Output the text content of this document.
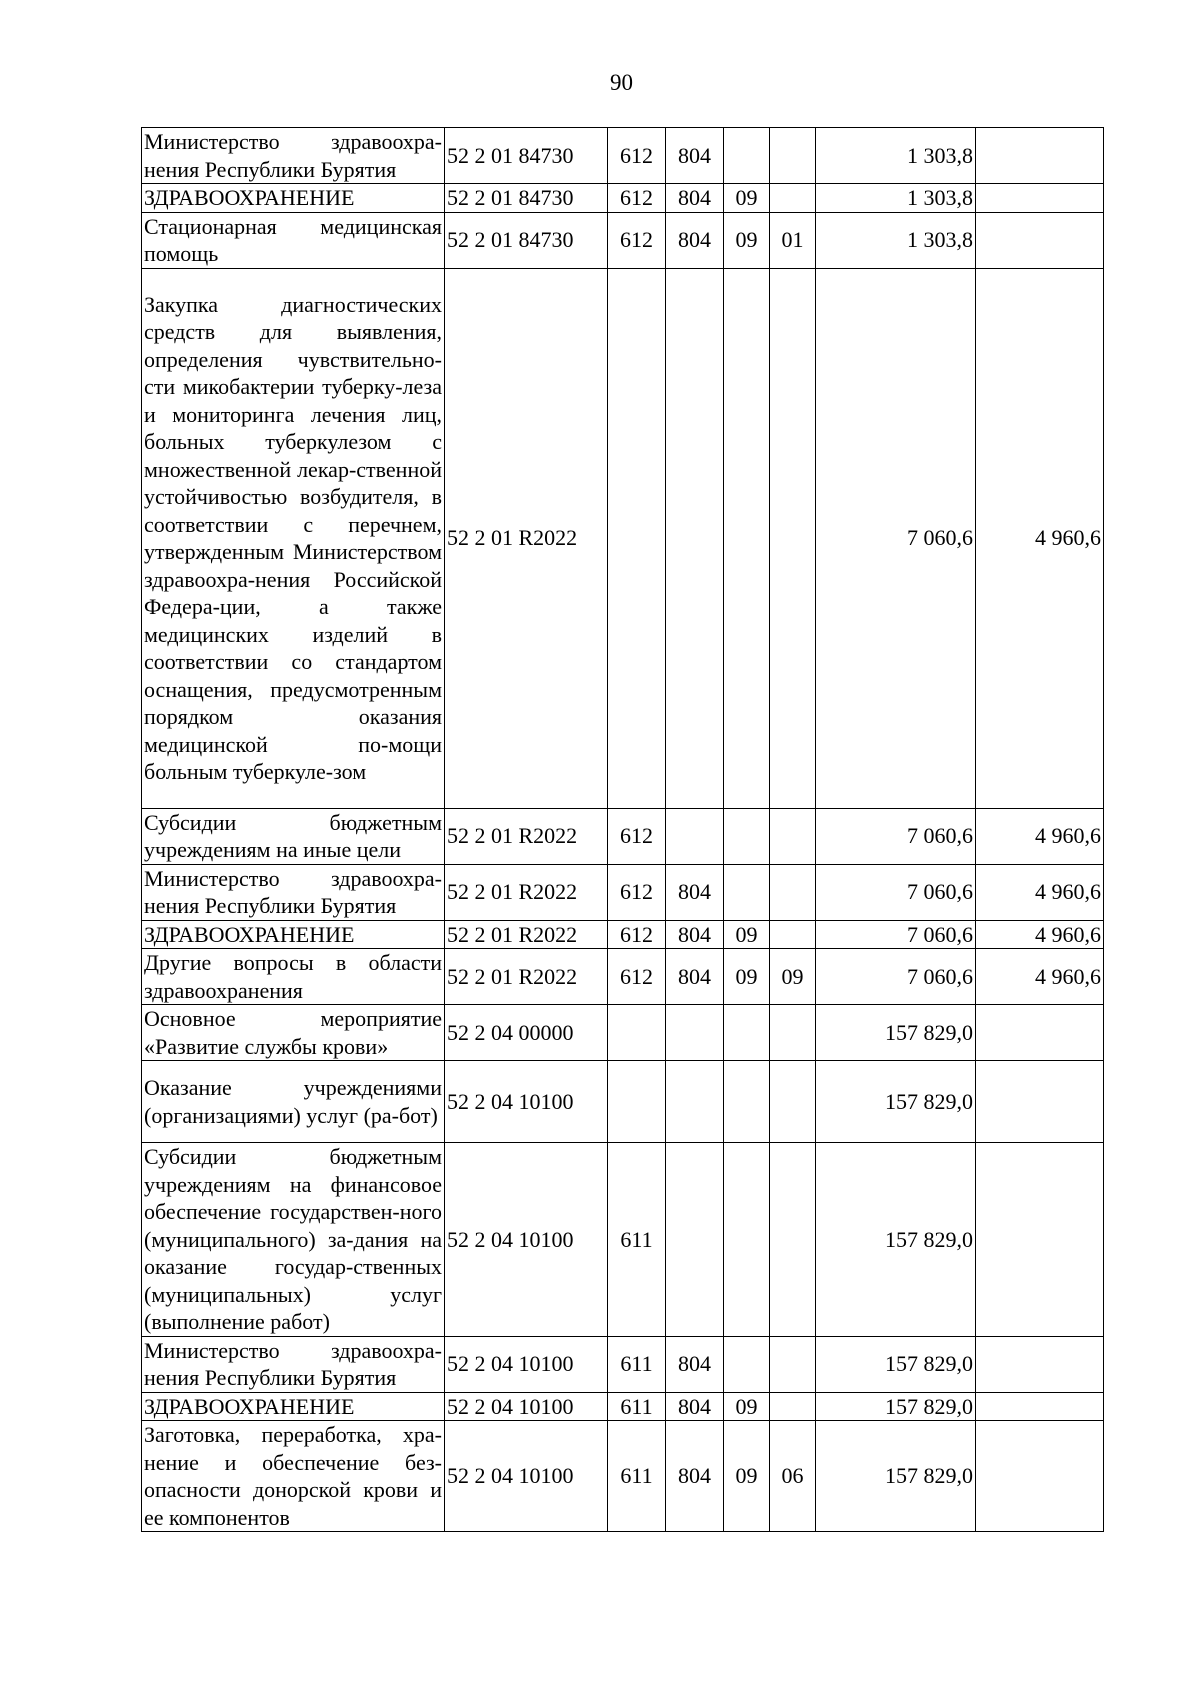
90
Министерство здравоохра-нения Республики Бурятия	52 2 01 84730	612	804			1 303,8	
ЗДРАВООХРАНЕНИЕ	52 2 01 84730	612	804	09		1 303,8	
Стационарная медицинская помощь	52 2 01 84730	612	804	09	01	1 303,8	
Закупка диагностических средств для выявления, определения чувствительно-сти микобактерии туберку-леза и мониторинга лечения лиц, больных туберкулезом с множественной лекар-ственной устойчивостью возбудителя, в соответствии с перечнем, утвержденным Министерством здравоохра-нения Российской Федера-ции, а также медицинских изделий в соответствии со стандартом оснащения, предусмотренным порядком оказания медицинской по-мощи больным туберкуле-зом	52 2 01 R2022					7 060,6	4 960,6
Субсидии бюджетным учреждениям на иные цели	52 2 01 R2022	612				7 060,6	4 960,6
Министерство здравоохра-нения Республики Бурятия	52 2 01 R2022	612	804			7 060,6	4 960,6
ЗДРАВООХРАНЕНИЕ	52 2 01 R2022	612	804	09		7 060,6	4 960,6
Другие вопросы в области здравоохранения	52 2 01 R2022	612	804	09	09	7 060,6	4 960,6
Основное мероприятие «Развитие службы крови»	52 2 04 00000					157 829,0	
Оказание учреждениями (организациями) услуг (ра-бот)	52 2 04 10100					157 829,0	
Субсидии бюджетным учреждениям на финансовое обеспечение государствен-ного (муниципального) за-дания на оказание государ-ственных (муниципальных) услуг (выполнение работ)	52 2 04 10100	611				157 829,0	
Министерство здравоохра-нения Республики Бурятия	52 2 04 10100	611	804			157 829,0	
ЗДРАВООХРАНЕНИЕ	52 2 04 10100	611	804	09		157 829,0	
Заготовка, переработка, хра-нение и обеспечение без-опасности донорской крови и ее компонентов	52 2 04 10100	611	804	09	06	157 829,0	
